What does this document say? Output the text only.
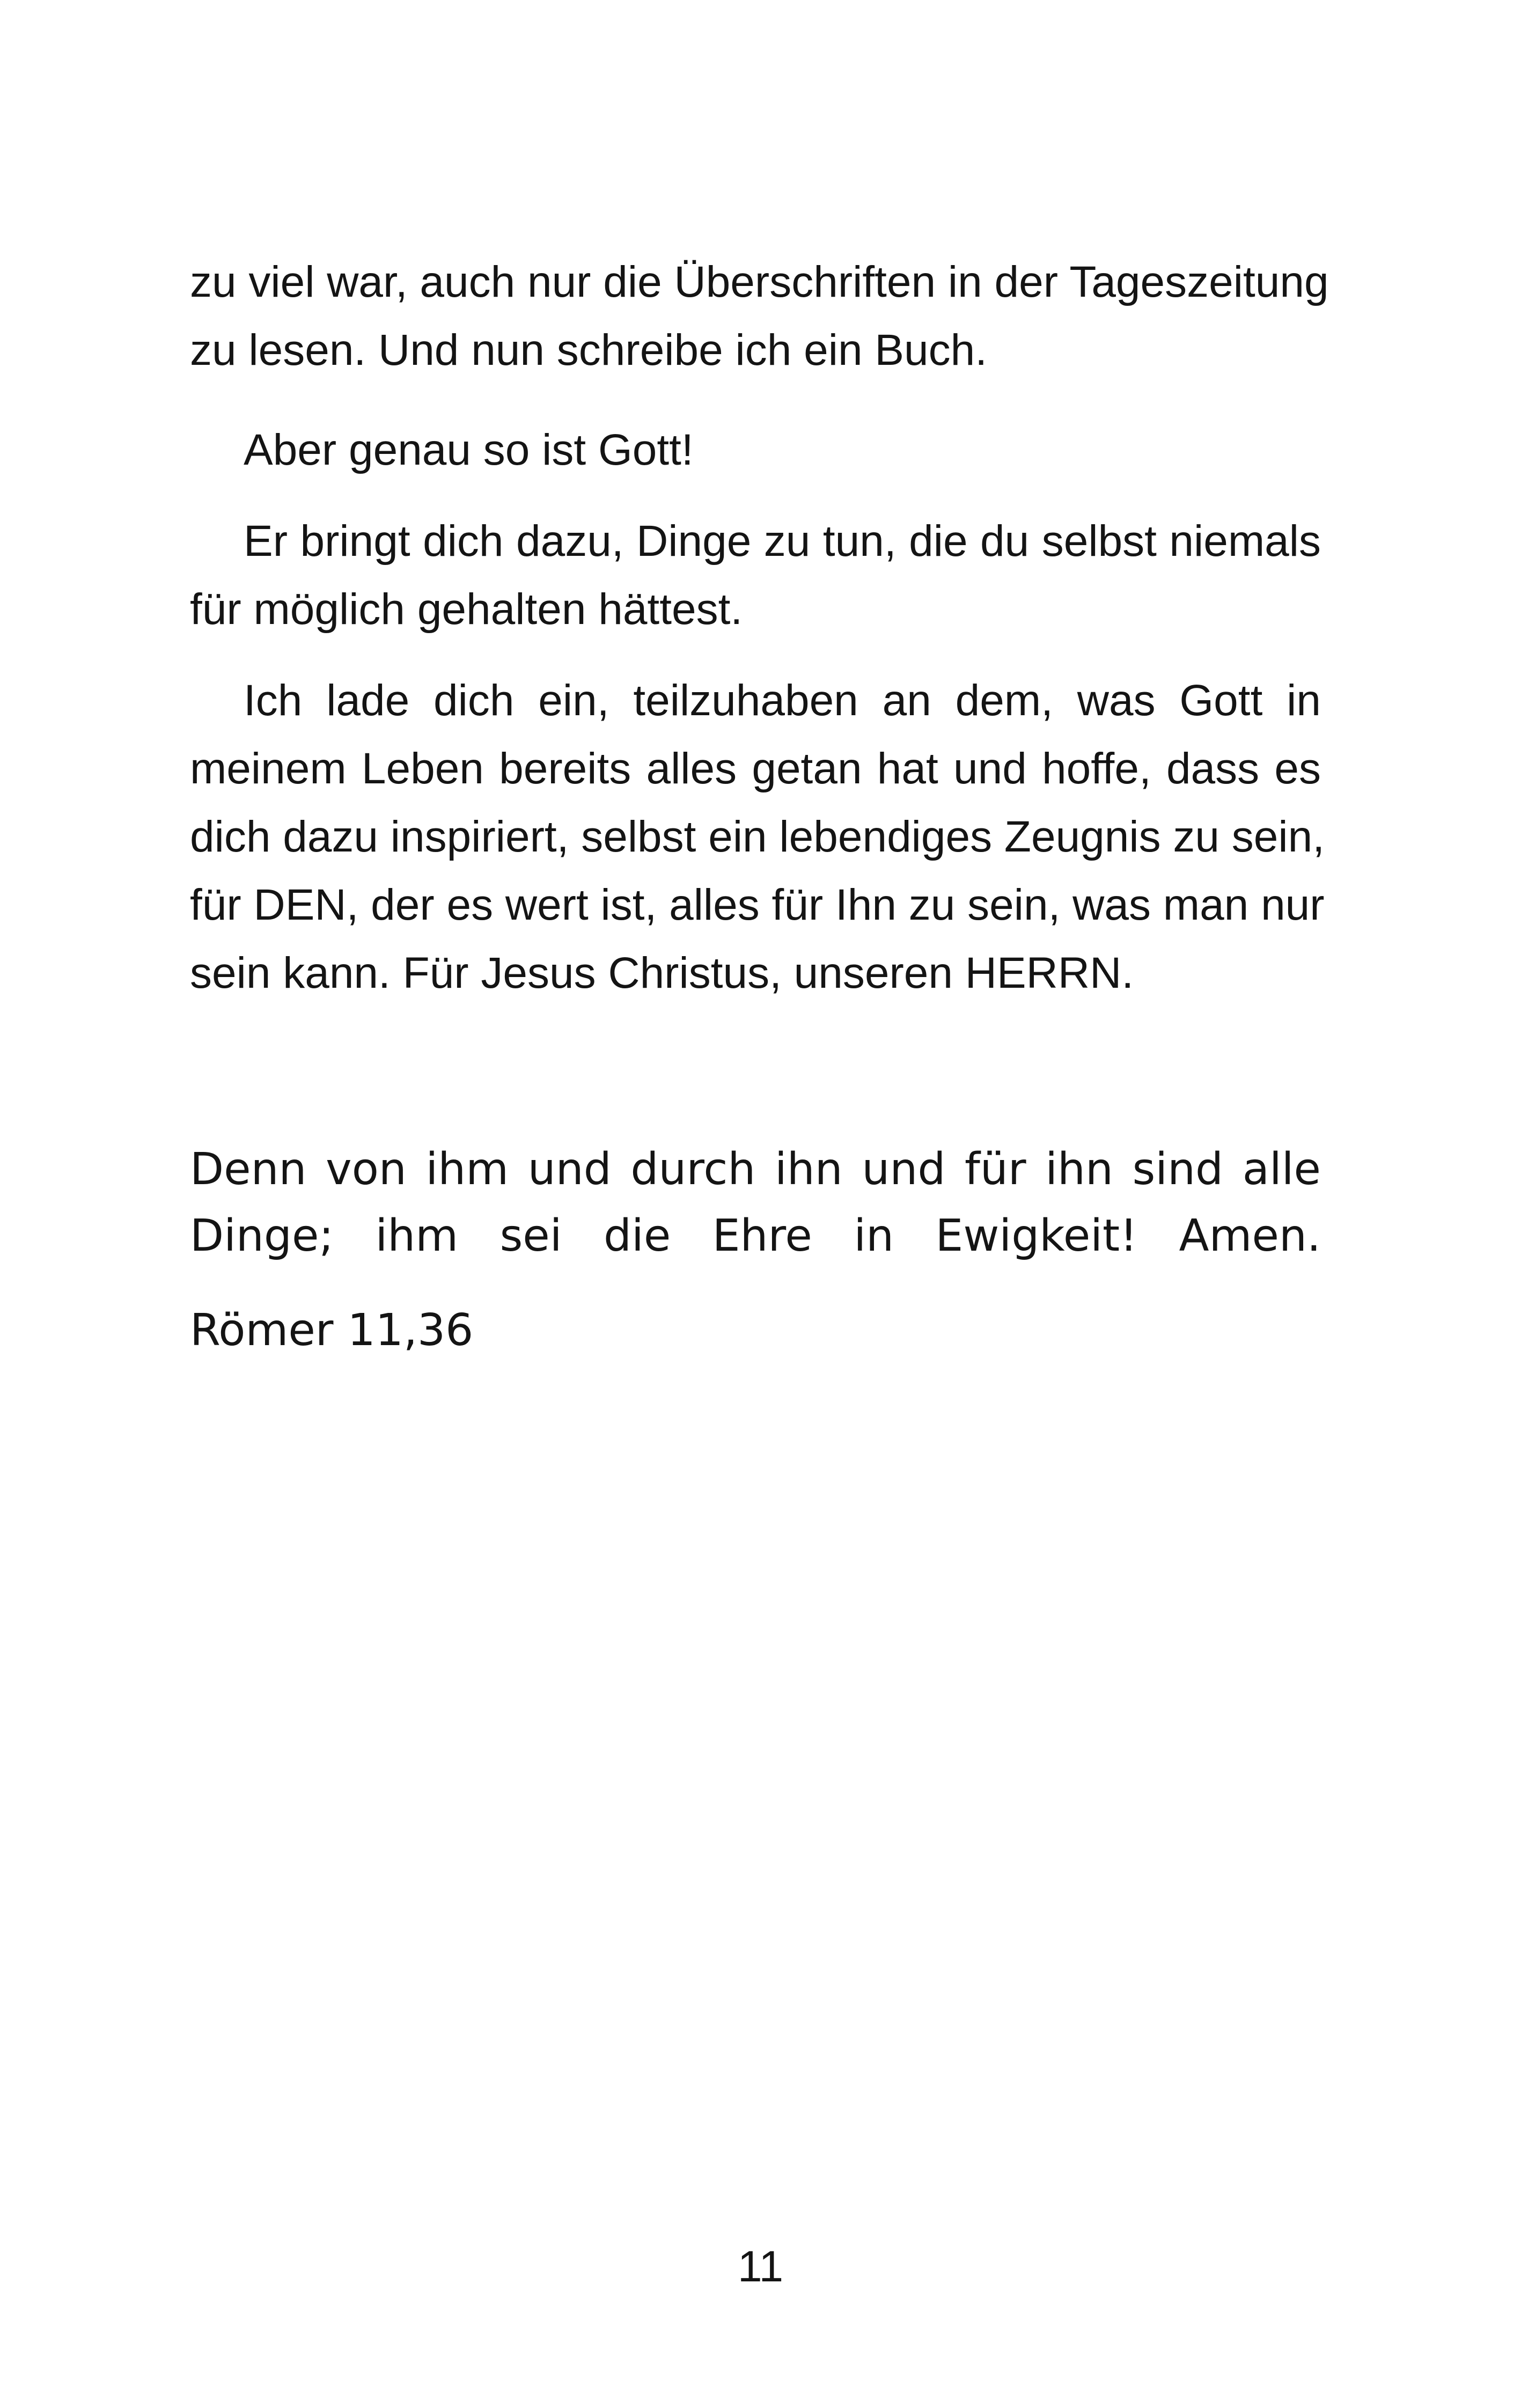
zu viel war, auch nur die Überschriften in der Tageszeitung
zu lesen. Und nun schreibe ich ein Buch.
Aber genau so ist Gott!
Er bringt dich dazu, Dinge zu tun, die du selbst niemals
für möglich gehalten hättest.
Ich lade dich ein, teilzuhaben an dem, was Gott in
meinem Leben bereits alles getan hat und hoffe, dass es
dich dazu inspiriert, selbst ein lebendiges Zeugnis zu sein,
für DEN, der es wert ist, alles für Ihn zu sein, was man nur
sein kann. Für Jesus Christus, unseren HERRN.
Denn von ihm und durch ihn und für ihn sind alle
Dinge; ihm sei die Ehre in Ewigkeit! Amen.
Römer 11,36
11
